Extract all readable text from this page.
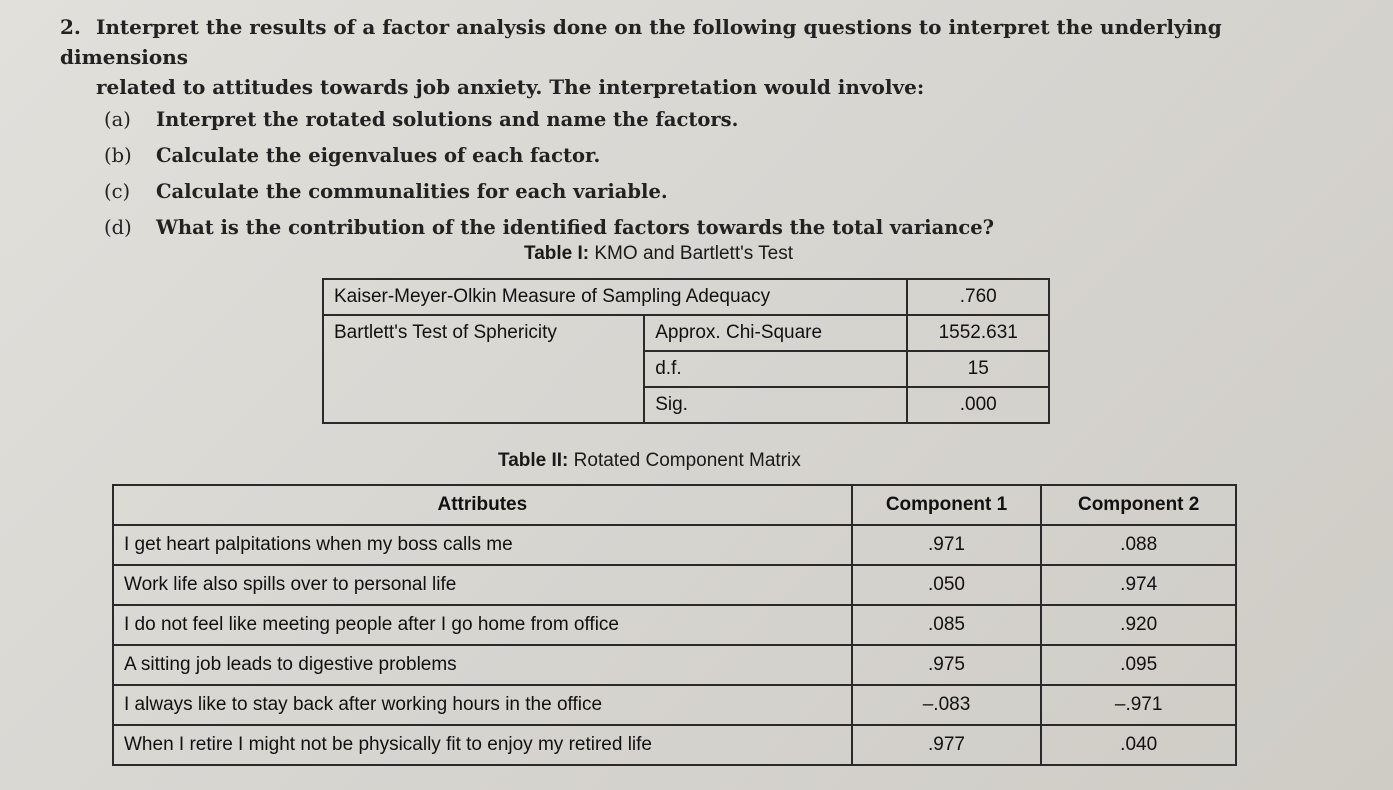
2. Interpret the results of a factor analysis done on the following questions to interpret the underlying dimensions
related to attitudes towards job anxiety. The interpretation would involve:
(a) Interpret the rotated solutions and name the factors.
(b) Calculate the eigenvalues of each factor.
(c) Calculate the communalities for each variable.
(d) What is the contribution of the identified factors towards the total variance?
Table I: KMO and Bartlett's Test
Kaiser-Meyer-Olkin Measure of Sampling Adequacy		.760
Bartlett's Test of Sphericity	Approx. Chi-Square	1552.631
	d.f.	15
	Sig.	.000
Table II: Rotated Component Matrix
Attributes	Component 1	Component 2
I get heart palpitations when my boss calls me	.971	.088
Work life also spills over to personal life	.050	.974
I do not feel like meeting people after I go home from office	.085	.920
A sitting job leads to digestive problems	.975	.095
I always like to stay back after working hours in the office	–.083	–.971
When I retire I might not be physically fit to enjoy my retired life	.977	.040
